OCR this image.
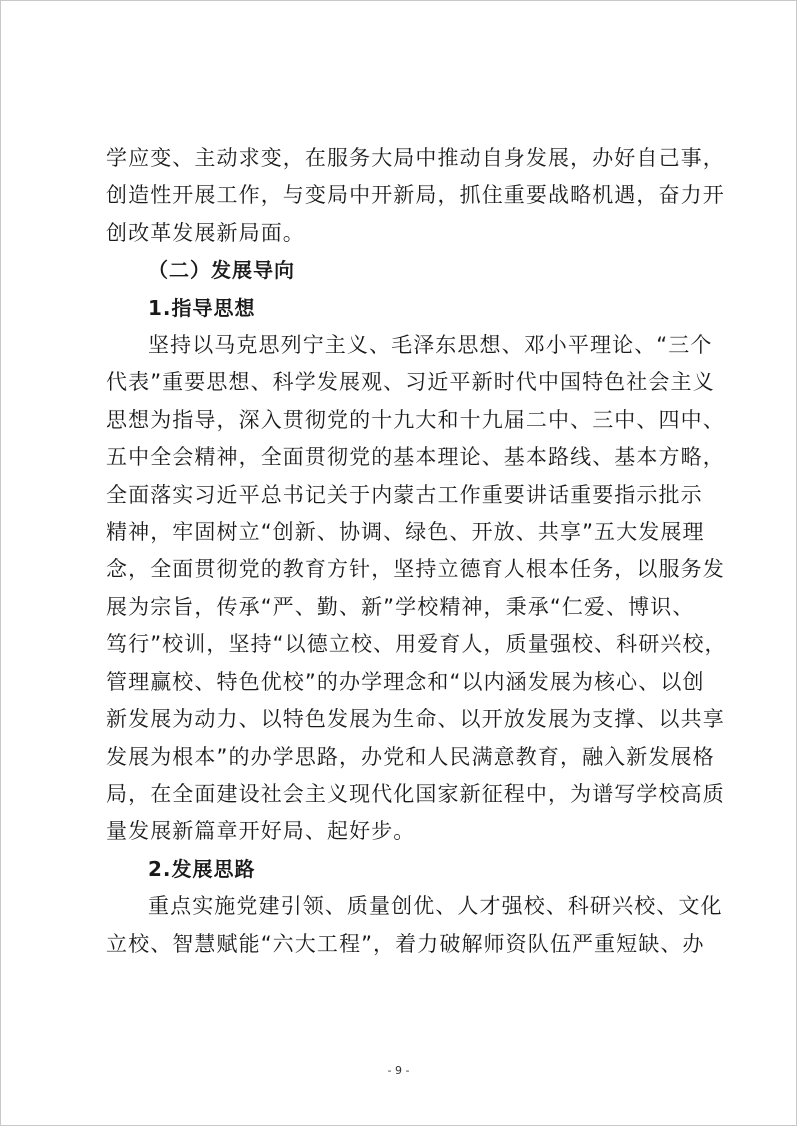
学应变、主动求变，在服务大局中推动自身发展，办好自己事，
创造性开展工作，与变局中开新局，抓住重要战略机遇，奋力开
创改革发展新局面。

（二）发展导向

1.指导思想

坚持以马克思列宁主义、毛泽东思想、邓小平理论、“三个
代表”重要思想、科学发展观、习近平新时代中国特色社会主义
思想为指导，深入贯彻党的十九大和十九届二中、三中、四中、
五中全会精神，全面贯彻党的基本理论、基本路线、基本方略，
全面落实习近平总书记关于内蒙古工作重要讲话重要指示批示
精神，牢固树立“创新、协调、绿色、开放、共享”五大发展理
念，全面贯彻党的教育方针，坚持立德育人根本任务，以服务发
展为宗旨，传承“严、勤、新”学校精神，秉承“仁爱、博识、
笃行”校训，坚持“以德立校、用爱育人，质量强校、科研兴校，
管理赢校、特色优校”的办学理念和“以内涵发展为核心、以创
新发展为动力、以特色发展为生命、以开放发展为支撑、以共享
发展为根本”的办学思路，办党和人民满意教育，融入新发展格
局，在全面建设社会主义现代化国家新征程中，为谱写学校高质
量发展新篇章开好局、起好步。

2.发展思路

重点实施党建引领、质量创优、人才强校、科研兴校、文化
立校、智慧赋能“六大工程”，着力破解师资队伍严重短缺、办

- 9 -
